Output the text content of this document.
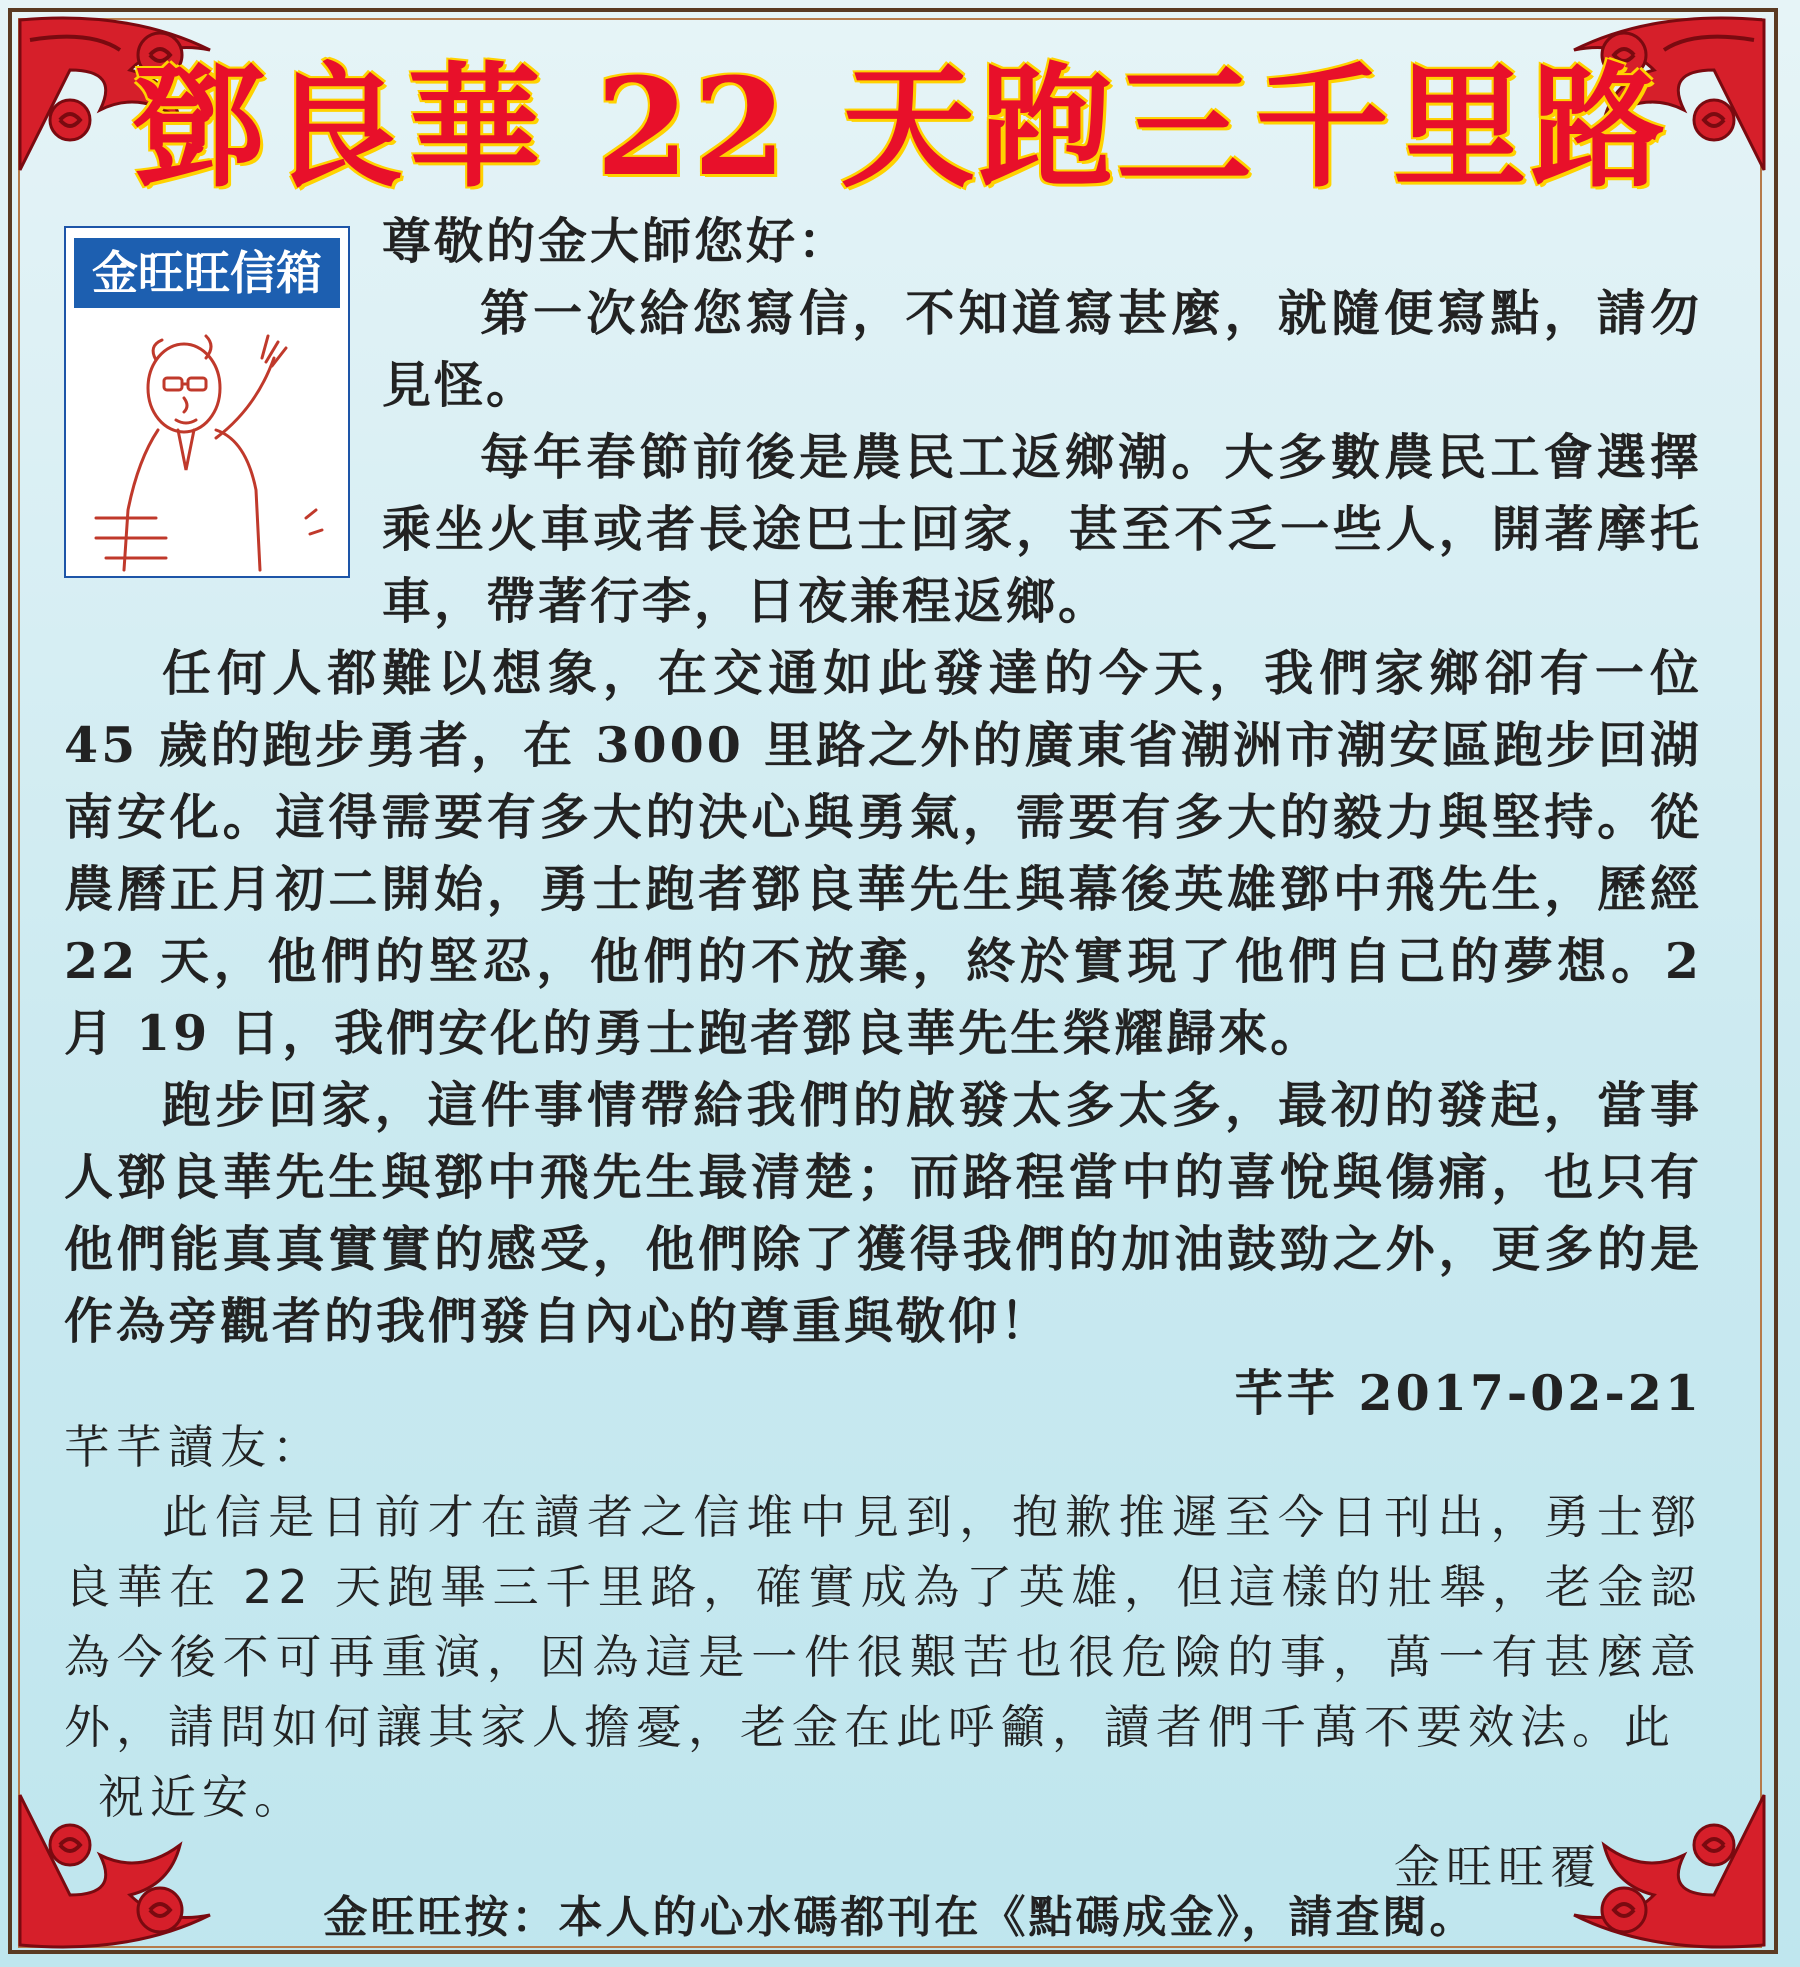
鄧良華 22 天跑三千里路
金旺旺信箱
尊敬的金大師您好：

第一次給您寫信，不知道寫甚麼，就隨便寫點，請勿見怪。

每年春節前後是農民工返鄉潮。大多數農民工會選擇乘坐火車或者長途巴士回家，甚至不乏一些人，開著摩托車，帶著行李，日夜兼程返鄉。

任何人都難以想象，在交通如此發達的今天，我們家鄉卻有一位 45 歲的跑步勇者，在 3000 里路之外的廣東省潮洲市潮安區跑步回湖南安化。這得需要有多大的決心與勇氣，需要有多大的毅力與堅持。從農曆正月初二開始，勇士跑者鄧良華先生與幕後英雄鄧中飛先生，歷經 22 天，他們的堅忍，他們的不放棄，終於實現了他們自己的夢想。2 月 19 日，我們安化的勇士跑者鄧良華先生榮耀歸來。

跑步回家，這件事情帶給我們的啟發太多太多，最初的發起，當事人鄧良華先生與鄧中飛先生最清楚；而路程當中的喜悅與傷痛，也只有他們能真真實實的感受，他們除了獲得我們的加油鼓勁之外，更多的是作為旁觀者的我們發自內心的尊重與敬仰！

芊芊 2017-02-21

芊芊讀友：

此信是日前才在讀者之信堆中見到，抱歉推遲至今日刊出，勇士鄧良華在 22 天跑畢三千里路，確實成為了英雄，但這樣的壯舉，老金認為今後不可再重演，因為這是一件很艱苦也很危險的事，萬一有甚麼意外，請問如何讓其家人擔憂，老金在此呼籲，讀者們千萬不要效法。此

祝近安。

金旺旺覆
金旺旺按：本人的心水碼都刊在《點碼成金》，請查閱。
